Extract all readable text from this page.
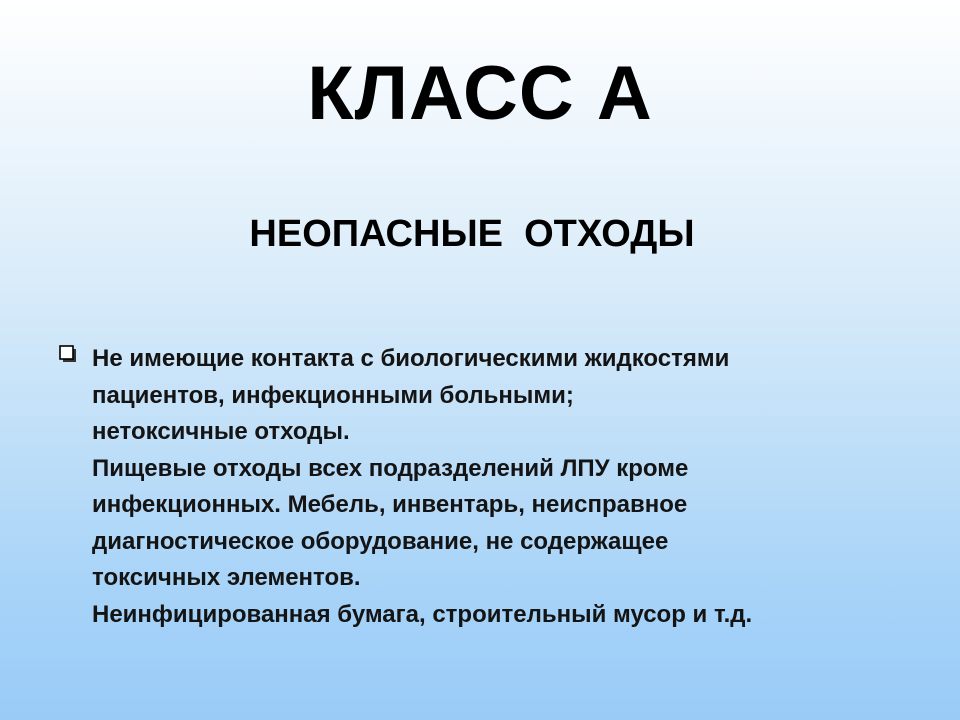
КЛАСС А
НЕОПАСНЫЕ  ОТХОДЫ
Не имеющие контакта с биологическими жидкостями
пациентов, инфекционными больными;
нетоксичные отходы.
Пищевые отходы всех подразделений ЛПУ кроме
инфекционных. Мебель, инвентарь, неисправное
диагностическое оборудование, не содержащее
токсичных элементов.
Неинфицированная бумага, строительный мусор и т.д.
